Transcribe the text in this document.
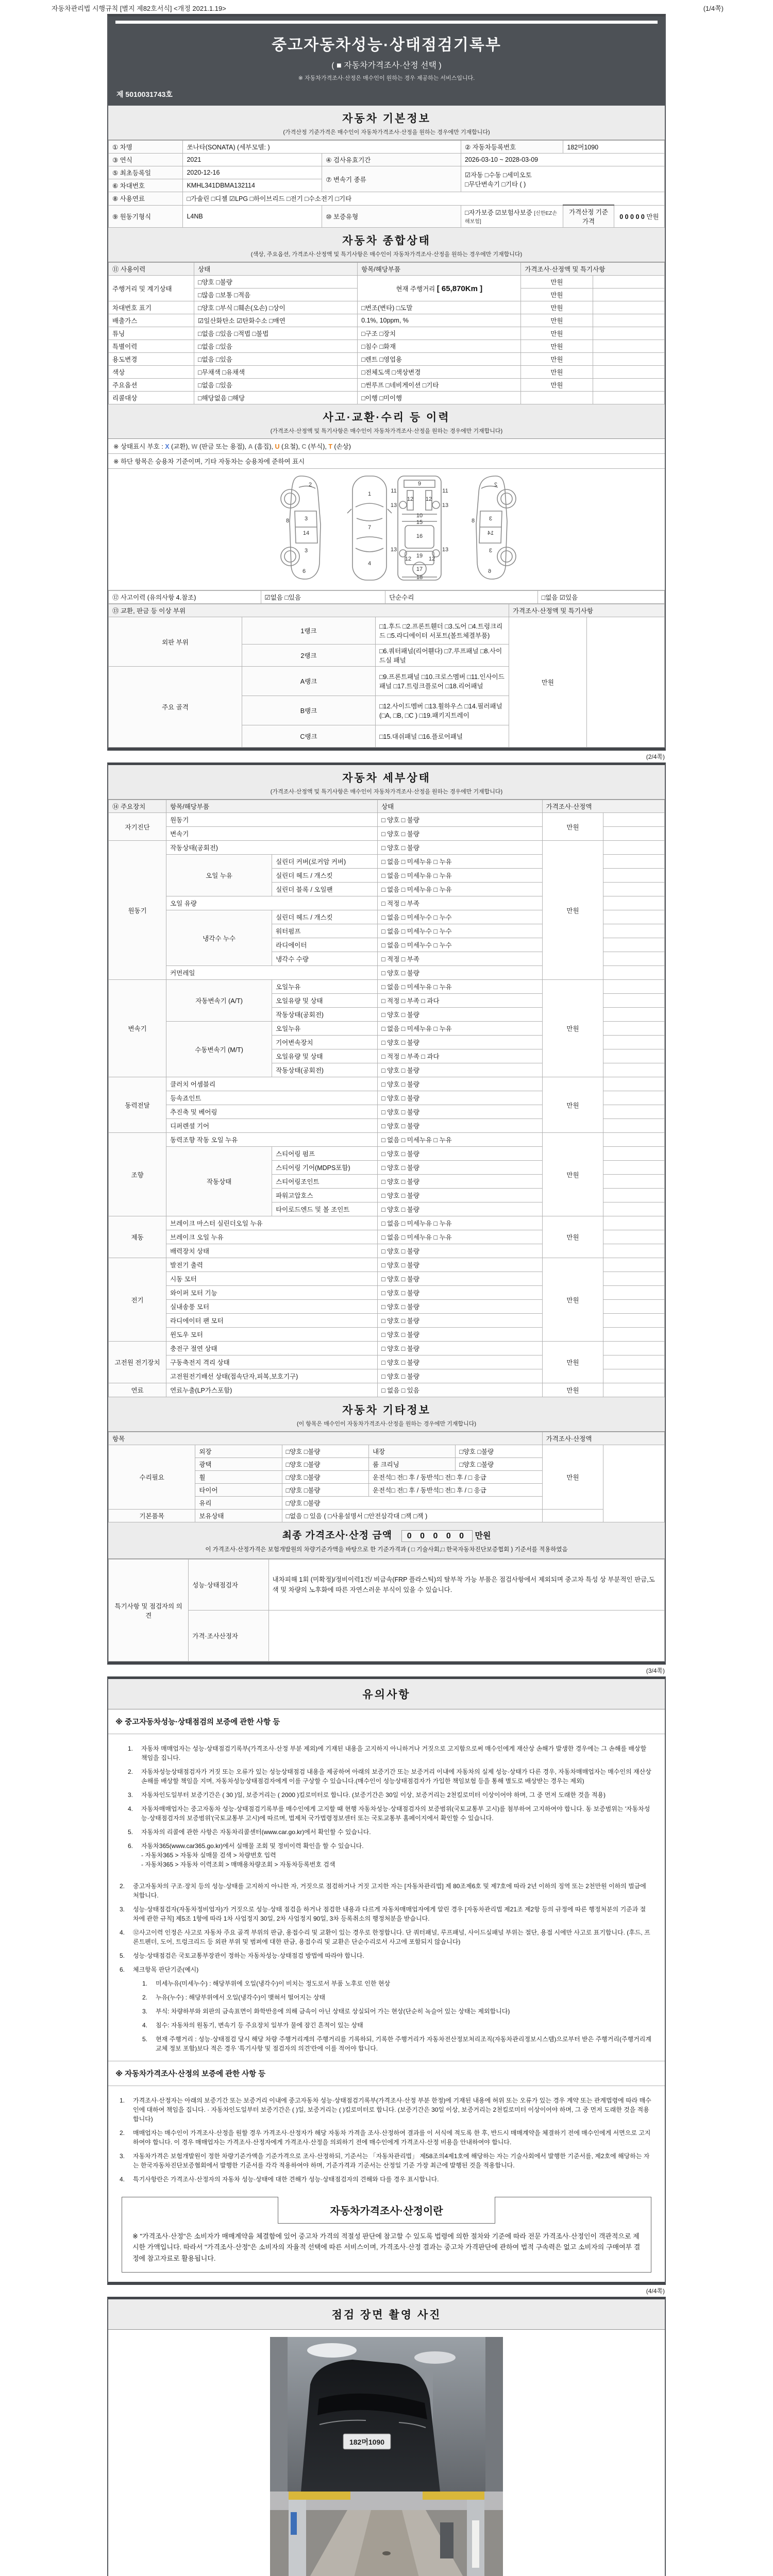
자동차관리법 시행규칙 [별지 제82호서식] <개정 2021.1.19>	(1/4쪽)
중고자동차성능·상태점검기록부
( ■ 자동차가격조사·산정 선택 )
※ 자동차가격조사·산정은 매수인이 원하는 경우 제공하는 서비스입니다.
제 5010031743호
자동차 기본정보
(가격산정 기준가격은 매수인이 자동차가격조사·산정을 원하는 경우에만 기재합니다)
① 차명	쏘나타(SONATA) (세부모델: )		② 자동차등록번호	182머1090	
③ 연식	2021	④ 검사유효기간	2026-03-10 ~ 2028-03-09		
⑤ 최초등록일	2020-12-16	⑦ 변속기 종류	☑자동 □수동 □세미오토
□무단변속기 □기타 ( )		
⑥ 차대번호	KMHL341DBMA132114				
⑧ 사용연료	□가솔린 □디젤 ☑LPG □하이브리드 □전기 □수소전기 □기타				
⑨ 원동기형식	L4NB	⑩ 보증유형	□자가보증 ☑보험사보증 [신한EZ손해보험]	가격산정 기준가격	0 0 0 0 0 만원
자동차 종합상태
(색상, 주요옵션, 가격조사·산정액 및 특기사항은 매수인이 자동차가격조사·산정을 원하는 경우에만 기재합니다)
⑪ 사용이력	상태	항목/해당부품	가격조사·산정액 및 특기사항	
주행거리 및 계기상태	□양호 □불량	현재 주행거리 [ 65,870Km ]	만원	
	□많음 □보통 □적음		만원	
차대번호 표기	□양호 □부식 □훼손(오손) □상이	□변조(변타) □도말	만원	
배출가스	☑일산화탄소 ☑탄화수소 □매연	0.1%, 10ppm, %	만원	
튜닝	□없음 □있음 □적법 □불법	□구조 □장치	만원	
특별이력	□없음 □있음	□침수 □화재	만원	
용도변경	□없음 □있음	□렌트 □영업용	만원	
색상	□무채색 □유채색	□전체도색 □색상변경	만원	
주요옵션	□없음 □있음	□썬루프 □네비게이션 □기타	만원	
리콜대상	□해당없음 □해당	□이행 □미이행		
사고·교환·수리 등 이력
(가격조사·산정액 및 특기사항은 매수인이 자동차가격조사·산정을 원하는 경우에만 기재합니다)
※ 상태표시 부호 : X (교환), W (판금 또는 용접), A (흠집), U (요철), C (부식), T (손상)
※ 하단 항목은 승용차 기준이며, 기타 자동차는 승용차에 준하여 표시
2
8	3
14
3
6
1
7
4
9
11	11
13	13
12 12
10
15
16
19
13	13
12	12
17
18
2
3
8
14
3
6
⑫ 사고이력 (유의사항 4.참조)	☑없음 □있음	단순수리	□없음 ☑있음
⑬ 교환, 판금 등 이상 부위			가격조사·산정액 및 특기사항	
외판 부위	1랭크	□1.후드 □2.프론트휀더 □3.도어 □4.트렁크리드 □5.라디에이터 서포트(볼트체결부품)	만원	
	2랭크	□6.쿼터패널(리어휀다) □7.루프패널 □8.사이드실 패널		
주요 골격	A랭크	□9.프론트패널 □10.크로스멤버 □11.인사이드패널 □17.트렁크플로어 □18.리어패널		
	B랭크	□12.사이드멤버 □13.휠하우스 □14.필러패널 (□A, □B, □C ) □19.패키지트레이		
	C랭크	□15.대쉬패널 □16.플로어패널		
(2/4쪽)
자동차 세부상태
(가격조사·산정액 및 특기사항은 매수인이 자동차가격조사·산정을 원하는 경우에만 기재합니다)
⑭ 주요장치	항목/해당부품		상태	가격조사·산정액	
자기진단	원동기		□ 양호 □ 불량	만원	
	변속기		□ 양호 □ 불량		
원동기	작동상태(공회전)		□ 양호 □ 불량	만원	
	오일 누유	실린더 커버(로커암 커버)	□ 없음 □ 미세누유 □ 누유		
		실린더 헤드 / 개스킷	□ 없음 □ 미세누유 □ 누유		
		실린더 블록 / 오일팬	□ 없음 □ 미세누유 □ 누유		
	오일 유량		□ 적정 □ 부족		
	냉각수 누수	실린더 헤드 / 개스킷	□ 없음 □ 미세누수 □ 누수		
		워터펌프	□ 없음 □ 미세누수 □ 누수		
		라디에이터	□ 없음 □ 미세누수 □ 누수		
		냉각수 수량	□ 적정 □ 부족		
	커먼레일		□ 양호 □ 불량		
변속기	자동변속기 (A/T)	오일누유	□ 없음 □ 미세누유 □ 누유	만원	
		오일유량 및 상태	□ 적정 □ 부족 □ 과다		
		작동상태(공회전)	□ 양호 □ 불량		
	수동변속기 (M/T)	오일누유	□ 없음 □ 미세누유 □ 누유		
		기어변속장치	□ 양호 □ 불량		
		오일유량 및 상태	□ 적정 □ 부족 □ 과다		
		작동상태(공회전)	□ 양호 □ 불량		
동력전달	클러치 어셈블리		□ 양호 □ 불량	만원	
	등속죠인트		□ 양호 □ 불량		
	추진축 및 베어링		□ 양호 □ 불량		
	디퍼렌셜 기어		□ 양호 □ 불량		
조향	동력조향 작동 오일 누유		□ 없음 □ 미세누유 □ 누유	만원	
	작동상태	스티어링 펌프	□ 양호 □ 불량		
		스티어링 기어(MDPS포함)	□ 양호 □ 불량		
		스티어링조인트	□ 양호 □ 불량		
		파워고압호스	□ 양호 □ 불량		
		타이로드엔드 및 볼 조인트	□ 양호 □ 불량		
제동	브레이크 마스터 실린더오일 누유		□ 없음 □ 미세누유 □ 누유	만원	
	브레이크 오일 누유		□ 없음 □ 미세누유 □ 누유		
	배력장치 상태		□ 양호 □ 불량		
전기	발전기 출력		□ 양호 □ 불량	만원	
	시동 모터		□ 양호 □ 불량		
	와이퍼 모터 기능		□ 양호 □ 불량		
	실내송풍 모터		□ 양호 □ 불량		
	라디에이터 팬 모터		□ 양호 □ 불량		
	윈도우 모터		□ 양호 □ 불량		
고전원 전기장치	충전구 절연 상태		□ 양호 □ 불량	만원	
	구동축전지 격리 상태		□ 양호 □ 불량		
	고전원전기배선 상태(접속단자,피복,보호기구)		□ 양호 □ 불량		
연료	연료누출(LP가스포함)		□ 없음 □ 있음	만원	
자동차 기타정보
(이 항목은 매수인이 자동차가격조사·산정을 원하는 경우에만 기재합니다)
항목					가격조사·산정액	
수리필요	외장	□양호 □불량	내장	□양호 □불량	만원	
	광택	□양호 □불량	룸 크리닝	□양호 □불량		
	휠	□양호 □불량	운전석□ 전□ 후 / 동반석□ 전□ 후 / □ 응급			
	타이어	□양호 □불량	운전석□ 전□ 후 / 동반석□ 전□ 후 / □ 응급			
	유리	□양호 □불량				
기본품목	보유상태	□없음 □ 있음 ( □사용설명서 □안전삼각대 □잭 □잭 )				
최종 가격조사·산정 금액 0 0 0 0 0 만원
이 가격조사·산정가격은 보험개발원의 차량기준가액을 바탕으로 한 기준가격과 ( □ 기술사회,□ 한국자동차진단보증협회 ) 기준서를 적용하였음
특기사항 및 점검자의 의견	성능·상태점검자	내차피해 1회 (미확정)/정비이력1건/ 비금속(FRP 플라스틱)의 탈부착 가능 부품은 점검사항에서 제외되며 중고차 특성 상 부분적인 판금,도색 및 차량의 노후화에 따른 자연스러운 부식이 있을 수 있습니다.
	가격·조사산정자	
(3/4쪽)
유의사항
※ 중고자동차성능·상태점검의 보증에 관한 사항 등
1.	자동차 매매업자는 성능·상태점검기록부(가격조사·산정 부분 제외)에 기재된 내용을 고지하지 아니하거나 거짓으로 고지함으로써 매수인에게 재산상 손해가 발생한 경우에는 그 손해를 배상할 책임을 집니다.
2.	자동차성능상태점검자가 거짓 또는 오류가 있는 성능상태점검 내용을 제공하여 아래의 보증기간 또는 보증거리 이내에 자동차의 실제 성능·상태가 다른 경우, 자동차매매업자는 매수인의 재산상 손해를 배상할 책임을 지며, 자동차성능상태점검자에게 이를 구상할 수 있습니다.(매수인이 성능상태점검자가 가입한 책임보험 등을 통해 별도로 배상받는 경우는 제외)
3.	자동차인도일부터 보증기간은 ( 30 )일, 보증거리는 ( 2000 )킬로미터로 합니다. (보증기간은 30일 이상, 보증거리는 2천킬로미터 이상이어야 하며, 그 중 먼저 도래한 것을 적용)
4.	자동차매매업자는 중고자동차 성능·상태점검기록부를 매수인에게 고지할 때 현행 자동차성능·상태점검자의 보증범위(국토교통부 고시)를 첨부하여 고지하여야 합니다. 동 보증범위는 '자동차성능·상태점검자의 보증범위'(국토교통부 고시)에 따르며, 법제처 국가법령정보센터 또는 국토교통부 홈페이지에서 확인할 수 있습니다.
5.	자동차의 리콜에 관한 사항은 자동차리콜센터(www.car.go.kr)에서 확인할 수 있습니다.
6.	자동차365(www.car365.go.kr)에서 실매물 조회 및 정비이력 확인을 할 수 있습니다.
- 자동차365 > 자동차 실매물 검색 > 차량번호 입력
- 자동차365 > 자동차 이력조회 > 매매용차량조회 > 자동차등록번호 검색
2.	중고자동차의 구조·장치 등의 성능·상태를 고지하지 아니한 자, 거짓으로 점검하거나 거짓 고지한 자는 [자동차관리법] 제 80조제6호 및 제7호에 따라 2년 이하의 징역 또는 2천만원 이하의 벌금에 처합니다.
3.	성능·상태점검자(자동차정비업자)가 거짓으로 성능·상태 점검을 하거나 점검한 내용과 다르게 자동차매매업자에게 알린 경우 [자동차관리법 제21조 제2항 등의 규정에 따른 행정처분의 기준과 절차에 관한 규칙] 제5조 1항에 따라 1차 사업정지 30일, 2차 사업정지 90일, 3차 등록취소의 행정처분을 받습니다.
4.	⑫사고이력 인정은 사고로 자동차 주요 골격 부위의 판금, 용접수리 및 교환이 있는 경우로 한정합니다. 단 쿼터패널, 루프패널, 사이드실패널 부위는 절단, 용접 시에만 사고로 표기합니다. (후드, 프론트펜더, 도어, 트렁크리드 등 외판 부위 및 범퍼에 대한 판금, 용접수리 및 교환은 단순수리로서 사고에 포함되지 않습니다)
5.	성능·상태점검은 국토교통부장관이 정하는 자동차성능·상태점검 방법에 따라야 합니다.
6.	체크항목 판단기준(예시)
1.	미세누유(미세누수) : 해당부위에 오일(냉각수)이 비치는 정도로서 부품 노후로 인한 현상
2.	누유(누수) : 해당부위에서 오일(냉각수)이 맺혀서 떨어지는 상태
3.	부식: 차량하부와 외판의 금속표면이 화학반응에 의해 금속이 아닌 상태로 상실되어 가는 현상(단순히 녹슬어 있는 상태는 제외합니다)
4.	침수: 자동차의 원동기, 변속기 등 주요장치 일부가 물에 잠긴 흔적이 있는 상태
5.	현재 주행거리 : 성능·상태점검 당시 해당 차량 주행거리계의 주행거리를 기록하되, 기록한 주행거리가 자동차전산정보처리조직(자동차관리정보시스템)으로부터 받은 주행거리(주행거리계 교체 정보 포함)보다 적은 경우 '특기사항 및 점검자의 의견'란에 이를 적어야 합니다.
※ 자동차가격조사·산정의 보증에 관한 사항 등
1.	가격조사·산정자는 아래의 보증기간 또는 보증거리 이내에 중고자동차 성능·상태점검기록부(가격조사·산정 부분 한정)에 기재된 내용에 허위 또는 오류가 있는 경우 계약 또는 관계법령에 따라 매수인에 대하여 책임을 집니다. · 자동차인도일부터 보증기간은 ( )일, 보증거리는 ( )킬로미터로 합니다. (보증기간은 30일 이상, 보증거리는 2천킬로미터 이상이어야 하며, 그 중 먼저 도래한 것을 적용합니다)
2.	매매업자는 매수인이 가격조사·산정을 원할 경우 가격조사·산정자가 해당 자동차 가격을 조사·산정하여 결과를 이 서식에 적도록 한 후, 반드시 매매계약을 체결하기 전에 매수인에게 서면으로 고지하여야 합니다. 이 경우 매매업자는 가격조사·산정자에게 가격조사·산정을 의뢰하기 전에 매수인에게 가격조사·산정 비용을 안내하여야 합니다.
3.	자동차가격은 보험개발원이 정한 차량기준가액을 기준가격으로 조사·산정하되, 기준서는 「자동차관리법」 제58조의4제1호에 해당하는 자는 기술사회에서 발행한 기준서를, 제2호에 해당하는 자는 한국자동차진단보증협회에서 발행한 기준서를 각각 적용하여야 하며, 기준가격과 기준서는 산정일 기준 가장 최근에 발행된 것을 적용합니다.
4.	특기사항란은 가격조사·산정자의 자동차 성능·상태에 대한 견해가 성능·상태점검자의 견해와 다를 경우 표시합니다.
자동차가격조사·산정이란
※ "가격조사·산정"은 소비자가 매매계약을 체결함에 있어 중고차 가격의 적절성 판단에 참고할 수 있도록 법령에 의한 절차와 기준에 따라 전문 가격조사·산정인이 객관적으로 제시한 가액입니다. 따라서 "가격조사·산정"은 소비자의 자율적 선택에 따른 서비스이며, 가격조사·산정 결과는 중고차 가격판단에 관하여 법적 구속력은 없고 소비자의 구매여부 결정에 참고자료로 활용됩니다.
(4/4쪽)
점검 장면 촬영 사진
182머1090
